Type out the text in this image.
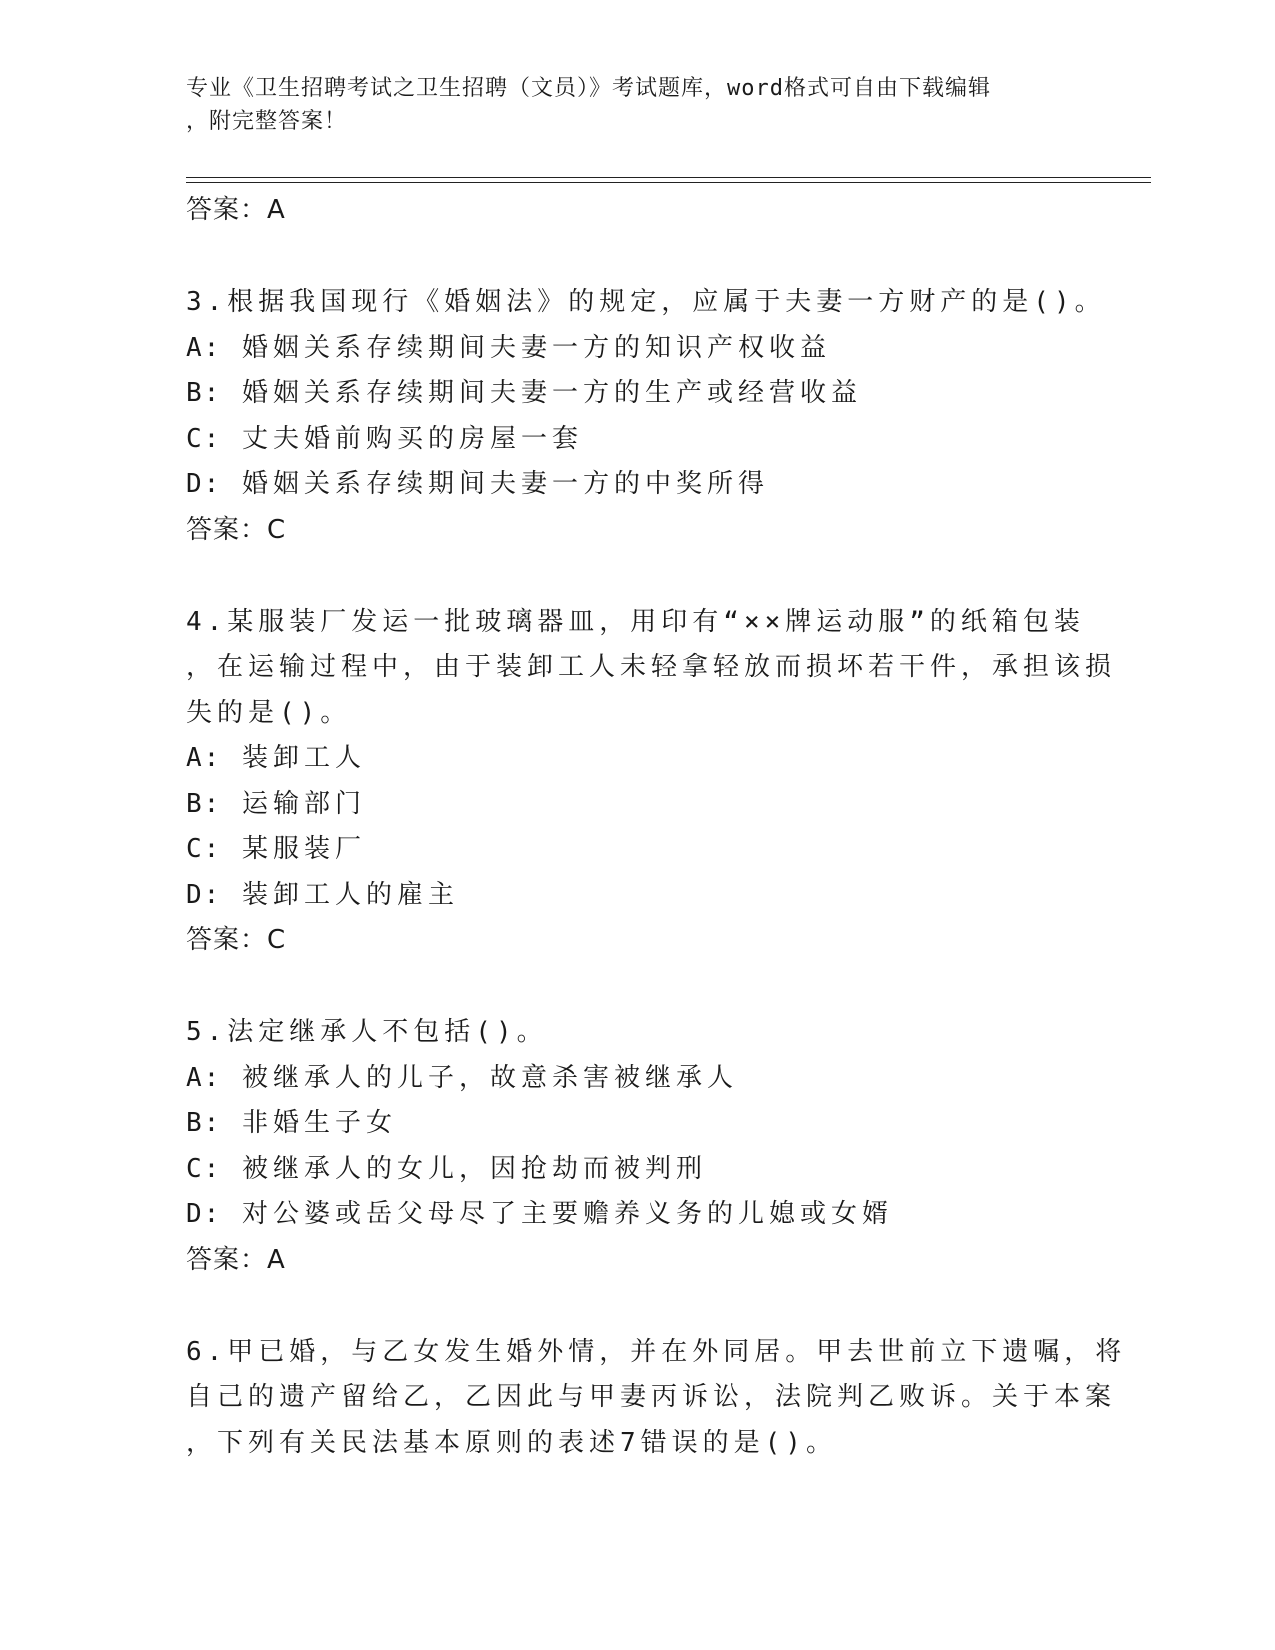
专业《卫生招聘考试之卫生招聘（文员）》考试题库，word格式可自由下载编辑
，附完整答案！
答案：A
3.根据我国现行《婚姻法》的规定，应属于夫妻一方财产的是()。
A: 婚姻关系存续期间夫妻一方的知识产权收益
B: 婚姻关系存续期间夫妻一方的生产或经营收益
C: 丈夫婚前购买的房屋一套
D: 婚姻关系存续期间夫妻一方的中奖所得
答案：C
4.某服装厂发运一批玻璃器皿，用印有“××牌运动服”的纸箱包装
，在运输过程中，由于装卸工人未轻拿轻放而损坏若干件，承担该损
失的是()。
A: 装卸工人
B: 运输部门
C: 某服装厂
D: 装卸工人的雇主
答案：C
5.法定继承人不包括()。
A: 被继承人的儿子，故意杀害被继承人
B: 非婚生子女
C: 被继承人的女儿，因抢劫而被判刑
D: 对公婆或岳父母尽了主要赡养义务的儿媳或女婿
答案：A
6.甲已婚，与乙女发生婚外情，并在外同居。甲去世前立下遗嘱，将
自己的遗产留给乙，乙因此与甲妻丙诉讼，法院判乙败诉。关于本案
，下列有关民法基本原则的表述7错误的是()。
